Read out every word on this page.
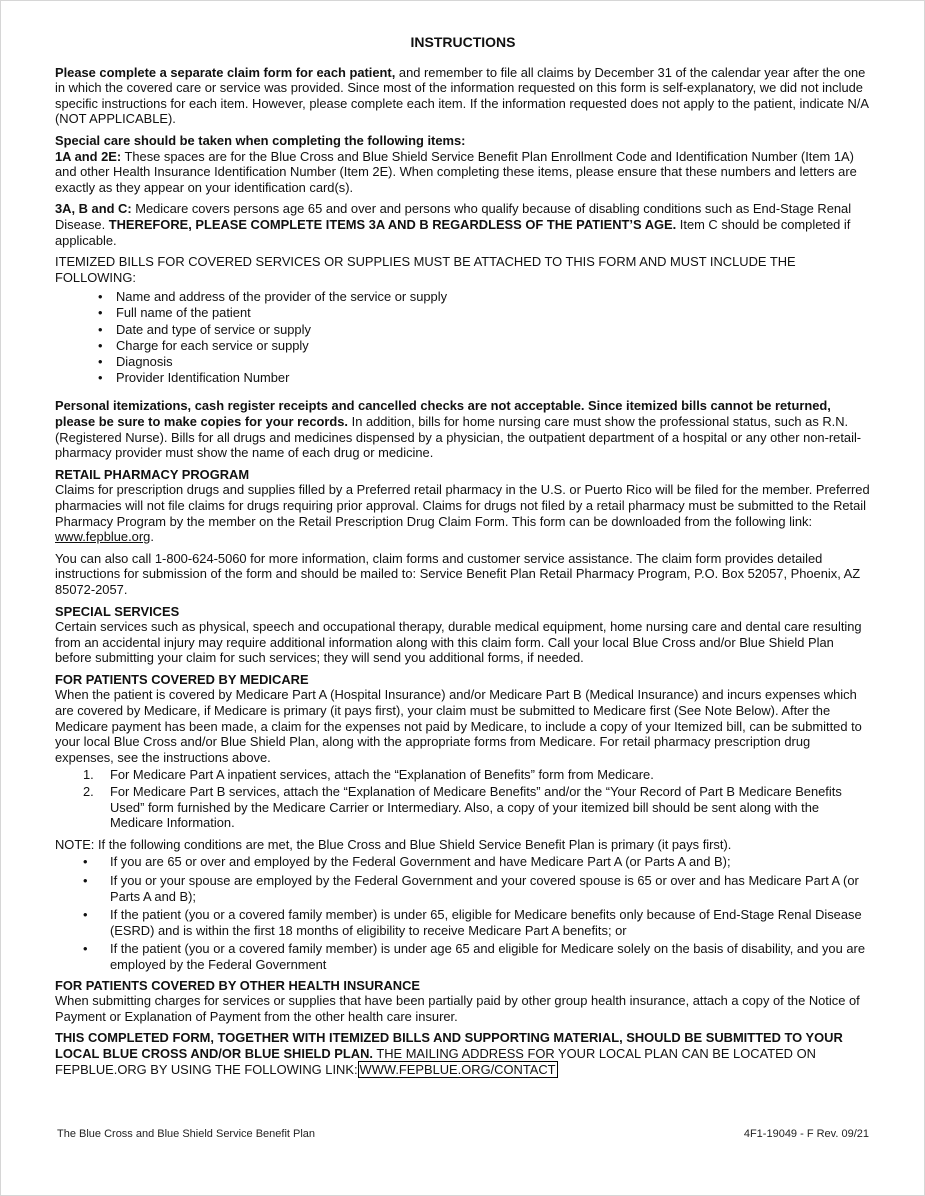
INSTRUCTIONS

Please complete a separate claim form for each patient, and remember to file all claims by December 31 of the calendar year after the one in which the covered care or service was provided. Since most of the information requested on this form is self-explanatory, we did not include specific instructions for each item. However, please complete each item. If the information requested does not apply to the patient, indicate N/A (NOT APPLICABLE).

Special care should be taken when completing the following items:

1A and 2E: These spaces are for the Blue Cross and Blue Shield Service Benefit Plan Enrollment Code and Identification Number (Item 1A) and other Health Insurance Identification Number (Item 2E). When completing these items, please ensure that these numbers and letters are exactly as they appear on your identification card(s).

3A, B and C: Medicare covers persons age 65 and over and persons who qualify because of disabling conditions such as End-Stage Renal Disease. THEREFORE, PLEASE COMPLETE ITEMS 3A AND B REGARDLESS OF THE PATIENT’S AGE. Item C should be completed if applicable.

ITEMIZED BILLS FOR COVERED SERVICES OR SUPPLIES MUST BE ATTACHED TO THIS FORM AND MUST INCLUDE THE FOLLOWING:

• Name and address of the provider of the service or supply
• Full name of the patient
• Date and type of service or supply
• Charge for each service or supply
• Diagnosis
• Provider Identification Number

Personal itemizations, cash register receipts and cancelled checks are not acceptable. Since itemized bills cannot be returned, please be sure to make copies for your records. In addition, bills for home nursing care must show the professional status, such as R.N. (Registered Nurse). Bills for all drugs and medicines dispensed by a physician, the outpatient department of a hospital or any other non-retail-pharmacy provider must show the name of each drug or medicine.

RETAIL PHARMACY PROGRAM

Claims for prescription drugs and supplies filled by a Preferred retail pharmacy in the U.S. or Puerto Rico will be filed for the member. Preferred pharmacies will not file claims for drugs requiring prior approval. Claims for drugs not filed by a retail pharmacy must be submitted to the Retail Pharmacy Program by the member on the Retail Prescription Drug Claim Form. This form can be downloaded from the following link: www.fepblue.org.

You can also call 1-800-624-5060 for more information, claim forms and customer service assistance. The claim form provides detailed instructions for submission of the form and should be mailed to: Service Benefit Plan Retail Pharmacy Program, P.O. Box 52057, Phoenix, AZ 85072-2057.

SPECIAL SERVICES

Certain services such as physical, speech and occupational therapy, durable medical equipment, home nursing care and dental care resulting from an accidental injury may require additional information along with this claim form. Call your local Blue Cross and/or Blue Shield Plan before submitting your claim for such services; they will send you additional forms, if needed.

FOR PATIENTS COVERED BY MEDICARE

When the patient is covered by Medicare Part A (Hospital Insurance) and/or Medicare Part B (Medical Insurance) and incurs expenses which are covered by Medicare, if Medicare is primary (it pays first), your claim must be submitted to Medicare first (See Note Below). After the Medicare payment has been made, a claim for the expenses not paid by Medicare, to include a copy of your Itemized bill, can be submitted to your local Blue Cross and/or Blue Shield Plan, along with the appropriate forms from Medicare. For retail pharmacy prescription drug expenses, see the instructions above.

1. For Medicare Part A inpatient services, attach the “Explanation of Benefits” form from Medicare.
2. For Medicare Part B services, attach the “Explanation of Medicare Benefits” and/or the “Your Record of Part B Medicare Benefits Used” form furnished by the Medicare Carrier or Intermediary. Also, a copy of your itemized bill should be sent along with the Medicare Information.

NOTE: If the following conditions are met, the Blue Cross and Blue Shield Service Benefit Plan is primary (it pays first).

• If you are 65 or over and employed by the Federal Government and have Medicare Part A (or Parts A and B);
• If you or your spouse are employed by the Federal Government and your covered spouse is 65 or over and has Medicare Part A (or Parts A and B);
• If the patient (you or a covered family member) is under 65, eligible for Medicare benefits only because of End-Stage Renal Disease (ESRD) and is within the first 18 months of eligibility to receive Medicare Part A benefits; or
• If the patient (you or a covered family member) is under age 65 and eligible for Medicare solely on the basis of disability, and you are employed by the Federal Government
FOR PATIENTS COVERED BY OTHER HEALTH INSURANCE

When submitting charges for services or supplies that have been partially paid by other group health insurance, attach a copy of the Notice of Payment or Explanation of Payment from the other health care insurer.

THIS COMPLETED FORM, TOGETHER WITH ITEMIZED BILLS AND SUPPORTING MATERIAL, SHOULD BE SUBMITTED TO YOUR LOCAL BLUE CROSS AND/OR BLUE SHIELD PLAN. THE MAILING ADDRESS FOR YOUR LOCAL PLAN CAN BE LOCATED ON FEPBLUE.ORG BY USING THE FOLLOWING LINK: WWW.FEPBLUE.ORG/CONTACT

The Blue Cross and Blue Shield Service Benefit Plan	4F1-19049 - F Rev. 09/21
